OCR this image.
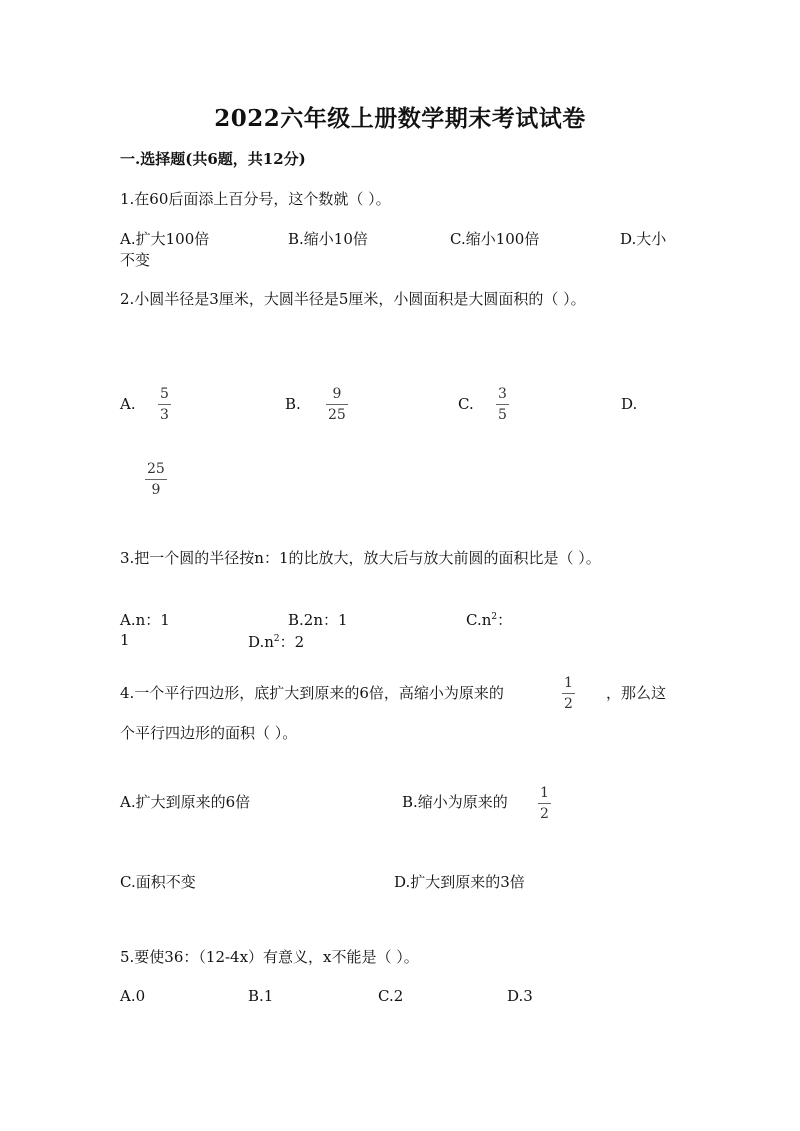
2022六年级上册数学期末考试试卷
一.选择题(共6题，共12分)
1.在60后面添上百分号，这个数就（ ）。
A.扩大100倍	B.缩小10倍	C.缩小100倍	D.大小
不变
2.小圆半径是3厘米，大圆半径是5厘米，小圆面积是大圆面积的（ ）。
A.
5
3
B.
9
25
C.
3
5
D.
25
9
3.把一个圆的半径按n：1的比放大，放大后与放大前圆的面积比是（ ）。
A.n：1	B.2n：1	$C.n^2$：
1	$D.n^2$：2
4.一个平行四边形，底扩大到原来的6倍，高缩小为原来的
1
2
，那么这
个平行四边形的面积（ ）。
A.扩大到原来的6倍	B.缩小为原来的 1
2
C.面积不变	D.扩大到原来的3倍
5.要使36：（12-4x）有意义，x不能是（ ）。
A.0	B.1	C.2	D.3
